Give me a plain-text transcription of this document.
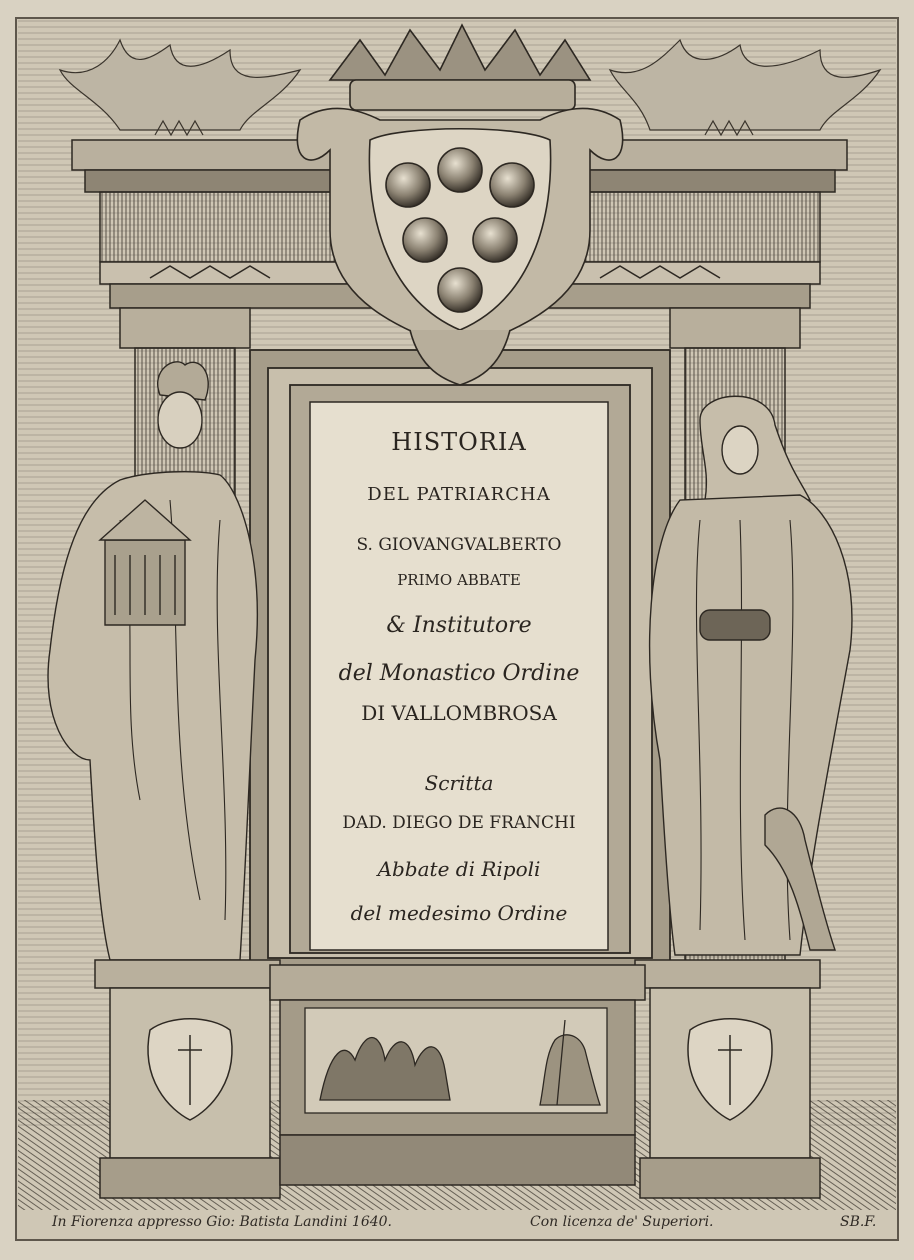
HISTORIA
DEL PATRIARCHA
S. GIOVANGVALBERTO
PRIMO ABBATE
& Institutore
del Monastico Ordine
DI VALLOMBROSA
Scritta
DAD. DIEGO DE FRANCHI
Abbate di Ripoli
del medesimo Ordine
In Fiorenza appresso Gio: Batista Landini 1640.	Con licenza de' Superiori.	SB.F.
